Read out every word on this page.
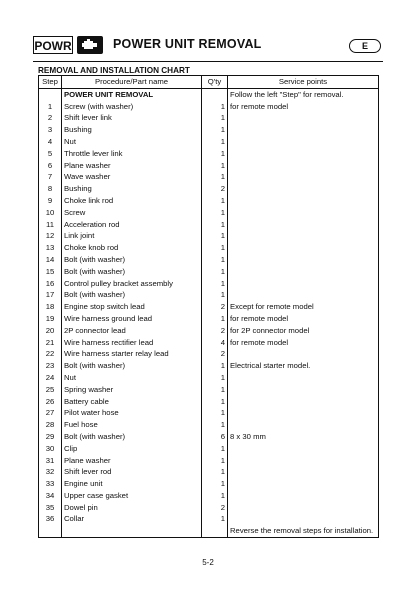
POWR	POWER UNIT REMOVAL	E
REMOVAL AND INSTALLATION CHART
Step	Procedure/Part name	Q'ty	Service points
	POWER UNIT REMOVAL		Follow the left "Step" for removal.
1	Screw (with washer)	1	for remote model
2	Shift lever link	1	
3	Bushing	1	
4	Nut	1	
5	Throttle lever link	1	
6	Plane washer	1	
7	Wave washer	1	
8	Bushing	2	
9	Choke link rod	1	
10	Screw	1	
11	Acceleration rod	1	
12	Link joint	1	
13	Choke knob rod	1	
14	Bolt (with washer)	1	
15	Bolt (with washer)	1	
16	Control pulley bracket assembly	1	
17	Bolt (with washer)	1	
18	Engine stop switch lead	2	Except for remote model
19	Wire harness ground lead	1	for remote model
20	2P connector lead	2	for 2P connector model
21	Wire harness rectifier lead	4	for remote model
22	Wire harness starter relay lead	2	
23	Bolt (with washer)	1	Electrical starter model.
24	Nut	1	
25	Spring washer	1	
26	Battery cable	1	
27	Pilot water hose	1	
28	Fuel hose	1	
29	Bolt (with washer)	6	8 x 30 mm
30	Clip	1	
31	Plane washer	1	
32	Shift lever rod	1	
33	Engine unit	1	
34	Upper case gasket	1	
35	Dowel pin	2	
36	Collar	1	
			Reverse the removal steps for installation.
5-2
